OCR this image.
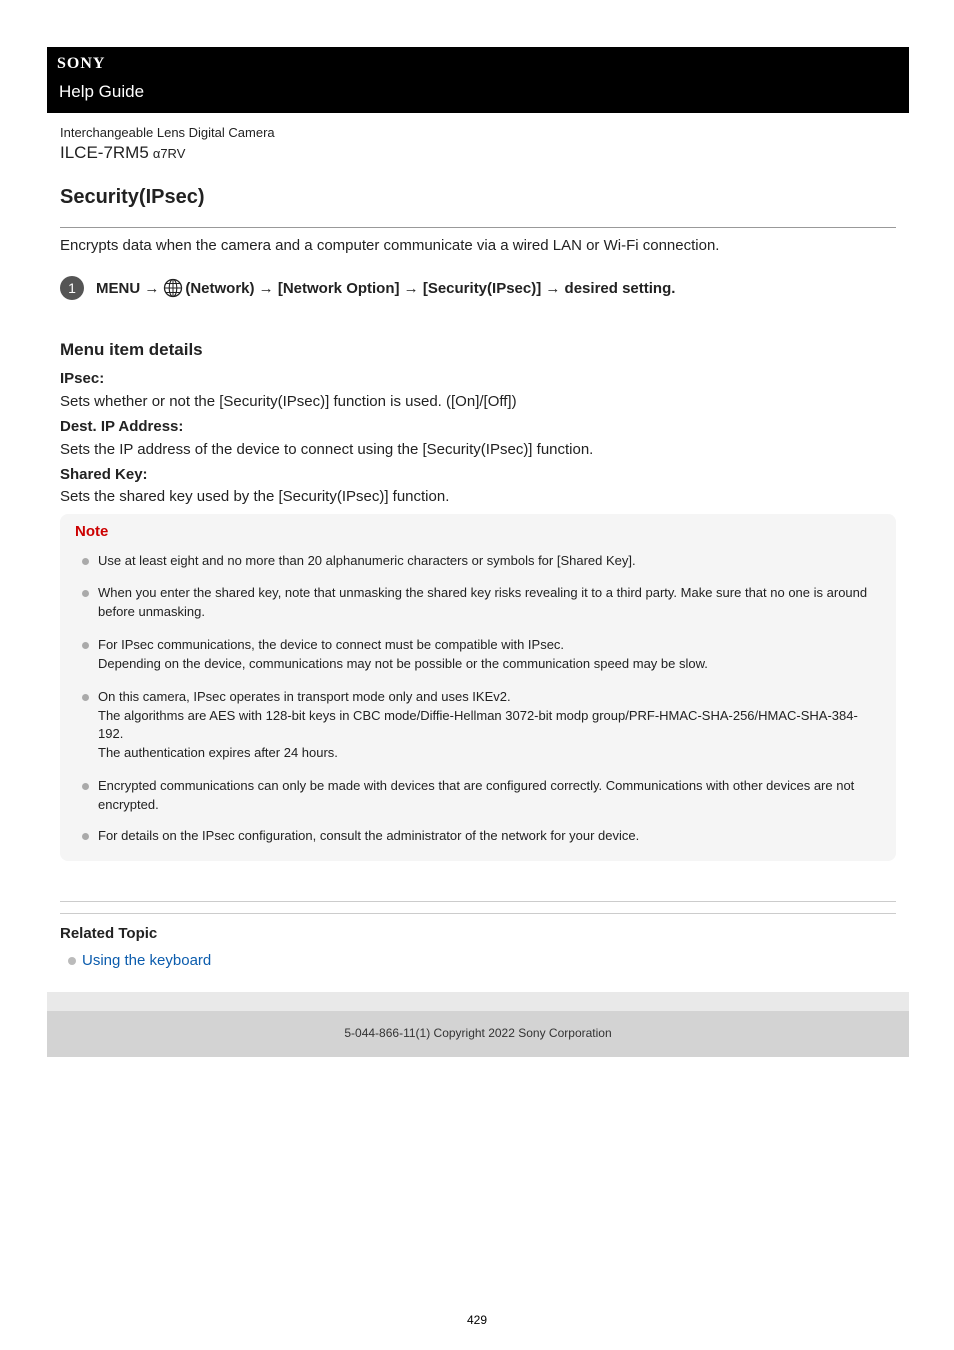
SONY
Help Guide
Interchangeable Lens Digital Camera
ILCE-7RM5 α7RV
Security(IPsec)
Encrypts data when the camera and a computer communicate via a wired LAN or Wi-Fi connection.
1	MENU → (Network) → [Network Option] → [Security(IPsec)] → desired setting.
Menu item details
IPsec:
Sets whether or not the [Security(IPsec)] function is used. ([On]/[Off])
Dest. IP Address:
Sets the IP address of the device to connect using the [Security(IPsec)] function.
Shared Key:
Sets the shared key used by the [Security(IPsec)] function.
Note
Use at least eight and no more than 20 alphanumeric characters or symbols for [Shared Key].
When you enter the shared key, note that unmasking the shared key risks revealing it to a third party. Make sure that no one is around before unmasking.
For IPsec communications, the device to connect must be compatible with IPsec.
Depending on the device, communications may not be possible or the communication speed may be slow.
On this camera, IPsec operates in transport mode only and uses IKEv2.
The algorithms are AES with 128-bit keys in CBC mode/Diffie-Hellman 3072-bit modp group/PRF-HMAC-SHA-256/HMAC-SHA-384-192.
The authentication expires after 24 hours.
Encrypted communications can only be made with devices that are configured correctly. Communications with other devices are not encrypted.
For details on the IPsec configuration, consult the administrator of the network for your device.
Related Topic
Using the keyboard
5-044-866-11(1) Copyright 2022 Sony Corporation
429
